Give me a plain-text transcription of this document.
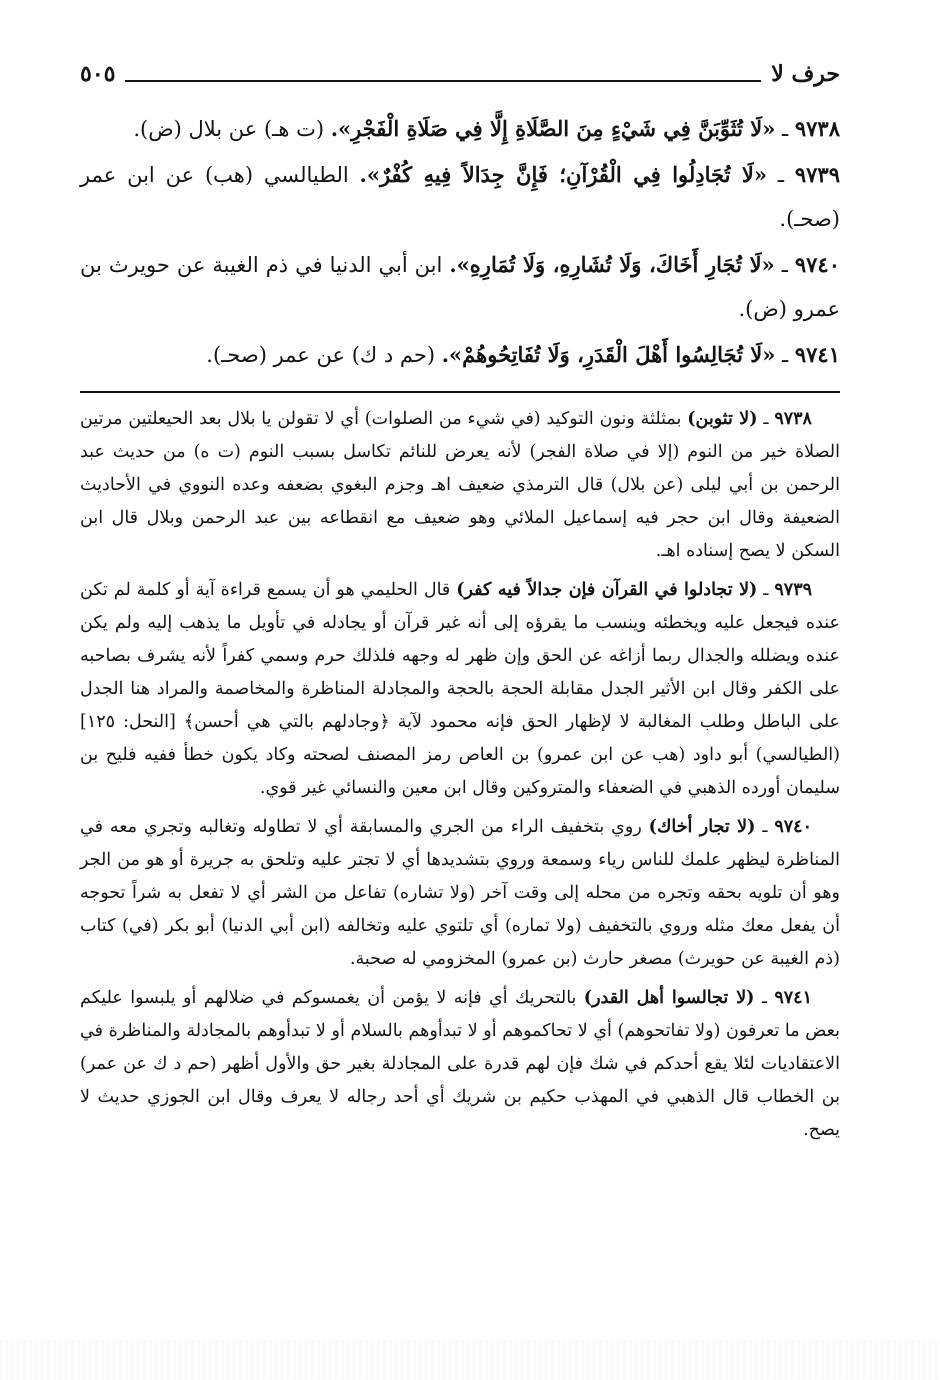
حرف لا
٥٠٥

٩٧٣٨ ـ «لَا تُثَوِّبَنَّ فِي شَيْءٍ مِنَ الصَّلَاةِ إِلَّا فِي صَلَاةِ الْفَجْرِ». (ت هـ) عن بلال (ض).

٩٧٣٩ ـ «لَا تُجَادِلُوا فِي الْقُرْآنِ؛ فَإِنَّ جِدَالاً فِيهِ كُفْرٌ». الطيالسي (هب) عن ابن عمر (صحـ).

٩٧٤٠ ـ «لَا تُجَارِ أَخَاكَ، وَلَا تُشَارِهِ، وَلَا تُمَارِهِ». ابن أبي الدنيا في ذم الغيبة عن حويرث بن عمرو (ض).

٩٧٤١ ـ «لَا تُجَالِسُوا أَهْلَ الْقَدَرِ، وَلَا تُفَاتِحُوهُمْ». (حم د ك) عن عمر (صحـ).

٩٧٣٨ ـ (لا تثوبن) بمثلثة ونون التوكيد (في شيء من الصلوات) أي لا تقولن يا بلال بعد الحيعلتين مرتين الصلاة خير من النوم (إلا في صلاة الفجر) لأنه يعرض للنائم تكاسل بسبب النوم (ت ه) من حديث عبد الرحمن بن أبي ليلى (عن بلال) قال الترمذي ضعيف اهـ وجزم البغوي بضعفه وعده النووي في الأحاديث الضعيفة وقال ابن حجر فيه إسماعيل الملائي وهو ضعيف مع انقطاعه بين عبد الرحمن وبلال قال ابن السكن لا يصح إسناده اهـ.

٩٧٣٩ ـ (لا تجادلوا في القرآن فإن جدالاً فيه كفر) قال الحليمي هو أن يسمع قراءة آية أو كلمة لم تكن عنده فيجعل عليه ويخطئه وينسب ما يقرؤه إلى أنه غير قرآن أو يجادله في تأويل ما يذهب إليه ولم يكن عنده ويضلله والجدال ربما أزاغه عن الحق وإن ظهر له وجهه فلذلك حرم وسمي كفراً لأنه يشرف بصاحبه على الكفر وقال ابن الأثير الجدل مقابلة الحجة بالحجة والمجادلة المناظرة والمخاصمة والمراد هنا الجدل على الباطل وطلب المغالبة لا لإظهار الحق فإنه محمود لآية ﴿وجادلهم بالتي هي أحسن﴾ [النحل: ١٢٥] (الطيالسي) أبو داود (هب عن ابن عمرو) بن العاص رمز المصنف لصحته وكاد يكون خطأ ففيه فليح بن سليمان أورده الذهبي في الضعفاء والمتروكين وقال ابن معين والنسائي غير قوي.

٩٧٤٠ ـ (لا تجار أخاك) روي بتخفيف الراء من الجري والمسابقة أي لا تطاوله وتغالبه وتجري معه في المناظرة ليظهر علمك للناس رياء وسمعة وروي بتشديدها أي لا تجتر عليه وتلحق به جريرة أو هو من الجر وهو أن تلويه بحقه وتجره من محله إلى وقت آخر (ولا تشاره) تفاعل من الشر أي لا تفعل به شراً تحوجه أن يفعل معك مثله وروي بالتخفيف (ولا تماره) أي تلتوي عليه وتخالفه (ابن أبي الدنيا) أبو بكر (في) كتاب (ذم الغيبة عن حويرث) مصغر حارث (بن عمرو) المخزومي له صحبة.

٩٧٤١ ـ (لا تجالسوا أهل القدر) بالتحريك أي فإنه لا يؤمن أن يغمسوكم في ضلالهم أو يلبسوا عليكم بعض ما تعرفون (ولا تفاتحوهم) أي لا تحاكموهم أو لا تبدأوهم بالسلام أو لا تبدأوهم بالمجادلة والمناظرة في الاعتقاديات لئلا يقع أحدكم في شك فإن لهم قدرة على المجادلة بغير حق والأول أظهر (حم د ك عن عمر) بن الخطاب قال الذهبي في المهذب حكيم بن شريك أي أحد رجاله لا يعرف وقال ابن الجوزي حديث لا يصح.
